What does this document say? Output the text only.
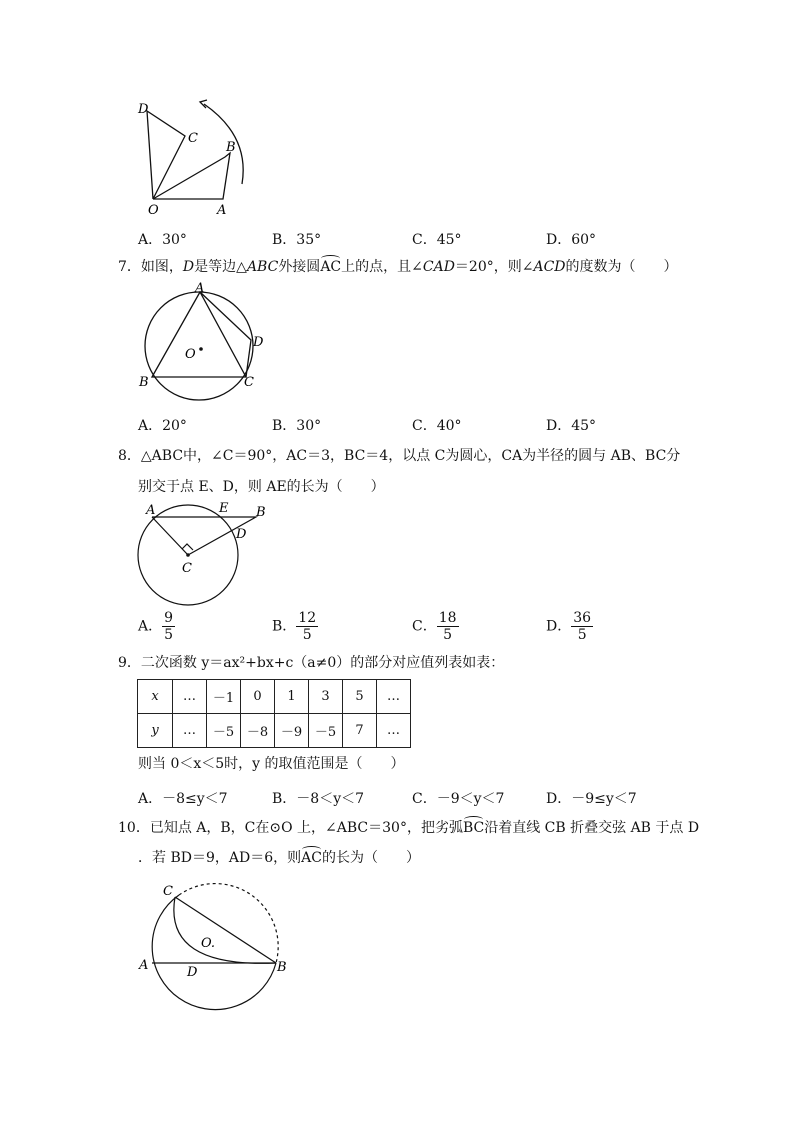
D
C
B
O	A
A．30°	B．35°	C．45°	D．60°
7．如图，D是等边△ABC外接圆AC上的点，且∠CAD＝20°，则∠ACD的度数为（　　）
A
O
D
B	C
A．20°	B．30°	C．40°	D．45°
8．△ABC中，∠C＝90°，AC＝3，BC＝4，以点 C为圆心，CA为半径的圆与 AB、BC分
别交于点 E、D，则 AE的长为（　　）
A	E B
D
C
A． $\frac{9}{5}$	B． $\frac{12}{5}$	C． $\frac{18}{5}$	D． $\frac{36}{5}$
9．二次函数 y＝ax²+bx+c（a≠0）的部分对应值列表如表：
x	…	－1	0	1	3	5	…
y	…	－5	－8	－9	－5	7	…
则当 0＜x＜5时，y 的取值范围是（　　）
A．－8≤y＜7	B．－8＜y＜7	C．－9＜y＜7	D．－9≤y＜7
10．已知点 A，B，C在⊙O 上，∠ABC＝30°，把劣弧BC沿着直线 CB 折叠交弦 AB 于点 D
．若 BD＝9，AD＝6，则AC的长为（　　）
C
O.
A	D	B
